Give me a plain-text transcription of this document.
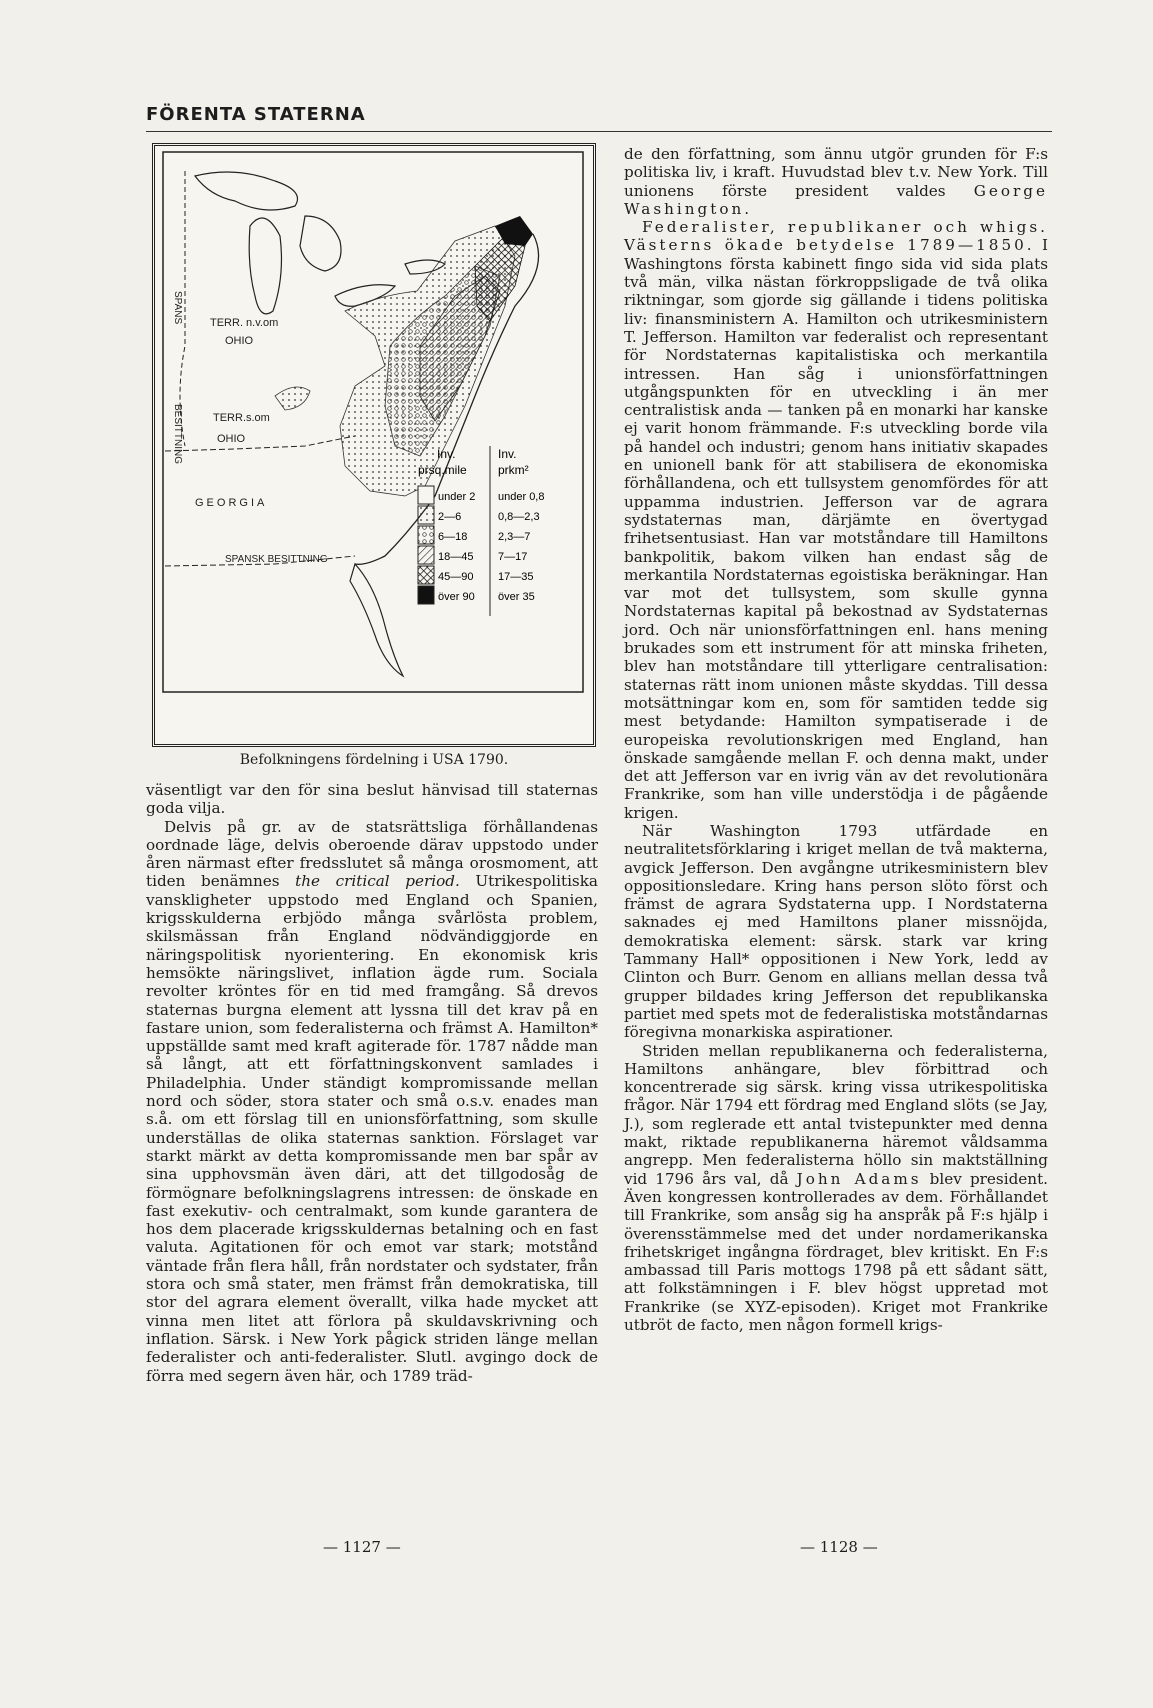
FÖRENTA STATERNA
TERR. n.v.om
OHIO
TERR.s.om
OHIO
GEORGIA
SPANS
BESITTNING
SPANSK BESITTNING
Inv.
prsq.mile
Inv.
prkm²
under 2
2—6
6—18
18—45
45—90
över 90
under 0,8
0,8—2,3
2,3—7
7—17
17—35
över 35
Befolkningens fördelning i USA 1790.

väsentligt var den för sina beslut hänvisad till staternas goda vilja.

Delvis på gr. av de statsrättsliga förhållandenas oordnade läge, delvis oberoende därav uppstodo under åren närmast efter fredsslutet så många orosmoment, att tiden benämnes the critical period. Utrikespolitiska vanskligheter uppstodo med England och Spanien, krigsskulderna erbjödo många svårlösta problem, skilsmässan från England nödvändiggjorde en näringspolitisk nyorientering. En ekonomisk kris hemsökte näringslivet, inflation ägde rum. Sociala revolter kröntes för en tid med framgång. Så drevos staternas burgna element att lyssna till det krav på en fastare union, som federalisterna och främst A. Hamilton* uppställde samt med kraft agiterade för. 1787 nådde man så långt, att ett författningskonvent samlades i Philadelphia. Under ständigt kompromissande mellan nord och söder, stora stater och små o.s.v. enades man s.å. om ett förslag till en unionsförfattning, som skulle underställas de olika staternas sanktion. Förslaget var starkt märkt av detta kompromissande men bar spår av sina upphovsmän även däri, att det tillgodosåg de förmögnare befolkningslagrens intressen: de önskade en fast exekutiv- och centralmakt, som kunde garantera de hos dem placerade krigsskuldernas betalning och en fast valuta. Agitationen för och emot var stark; motstånd väntade från flera håll, från nordstater och sydstater, från stora och små stater, men främst från demokratiska, till stor del agrara element överallt, vilka hade mycket att vinna men litet att förlora på skuldavskrivning och inflation. Särsk. i New York pågick striden länge mellan federalister och anti-federalister. Slutl. avgingo dock de förra med segern även här, och 1789 träd-

de den författning, som ännu utgör grunden för F:s politiska liv, i kraft. Huvudstad blev t.v. New York. Till unionens förste president valdes George Washington.

Federalister, republikaner och whigs. Västerns ökade betydelse 1789—1850. I Washingtons första kabinett fingo sida vid sida plats två män, vilka nästan förkroppsligade de två olika riktningar, som gjorde sig gällande i tidens politiska liv: finansministern A. Hamilton och utrikesministern T. Jefferson. Hamilton var federalist och representant för Nordstaternas kapitalistiska och merkantila intressen. Han såg i unionsförfattningen utgångspunkten för en utveckling i än mer centralistisk anda — tanken på en monarki har kanske ej varit honom främmande. F:s utveckling borde vila på handel och industri; genom hans initiativ skapades en unionell bank för att stabilisera de ekonomiska förhållandena, och ett tullsystem genomfördes för att uppamma industrien. Jefferson var de agrara sydstaternas man, därjämte en övertygad frihetsentusiast. Han var motståndare till Hamiltons bankpolitik, bakom vilken han endast såg de merkantila Nordstaternas egoistiska beräkningar. Han var mot det tullsystem, som skulle gynna Nordstaternas kapital på bekostnad av Sydstaternas jord. Och när unionsförfattningen enl. hans mening brukades som ett instrument för att minska friheten, blev han motståndare till ytterligare centralisation: staternas rätt inom unionen måste skyddas. Till dessa motsättningar kom en, som för samtiden tedde sig mest betydande: Hamilton sympatiserade i de europeiska revolutionskrigen med England, han önskade samgående mellan F. och denna makt, under det att Jefferson var en ivrig vän av det revolutionära Frankrike, som han ville understödja i de pågående krigen.

När Washington 1793 utfärdade en neutralitetsförklaring i kriget mellan de två makterna, avgick Jefferson. Den avgångne utrikesministern blev oppositionsledare. Kring hans person slöto först och främst de agrara Sydstaterna upp. I Nordstaterna saknades ej med Hamiltons planer missnöjda, demokratiska element: särsk. stark var kring Tammany Hall* oppositionen i New York, ledd av Clinton och Burr. Genom en allians mellan dessa två grupper bildades kring Jefferson det republikanska partiet med spets mot de federalistiska motståndarnas föregivna monarkiska aspirationer.

Striden mellan republikanerna och federalisterna, Hamiltons anhängare, blev förbittrad och koncentrerade sig särsk. kring vissa utrikespolitiska frågor. När 1794 ett fördrag med England slöts (se Jay, J.), som reglerade ett antal tvistepunkter med denna makt, riktade republikanerna häremot våldsamma angrepp. Men federalisterna höllo sin maktställning vid 1796 års val, då John Adams blev president. Även kongressen kontrollerades av dem. Förhållandet till Frankrike, som ansåg sig ha anspråk på F:s hjälp i överensstämmelse med det under nordamerikanska frihetskriget ingångna fördraget, blev kritiskt. En F:s ambassad till Paris mottogs 1798 på ett sådant sätt, att folkstämningen i F. blev högst uppretad mot Frankrike (se XYZ-episoden). Kriget mot Frankrike utbröt de facto, men någon formell krigs-

— 1127 —	— 1128 —
